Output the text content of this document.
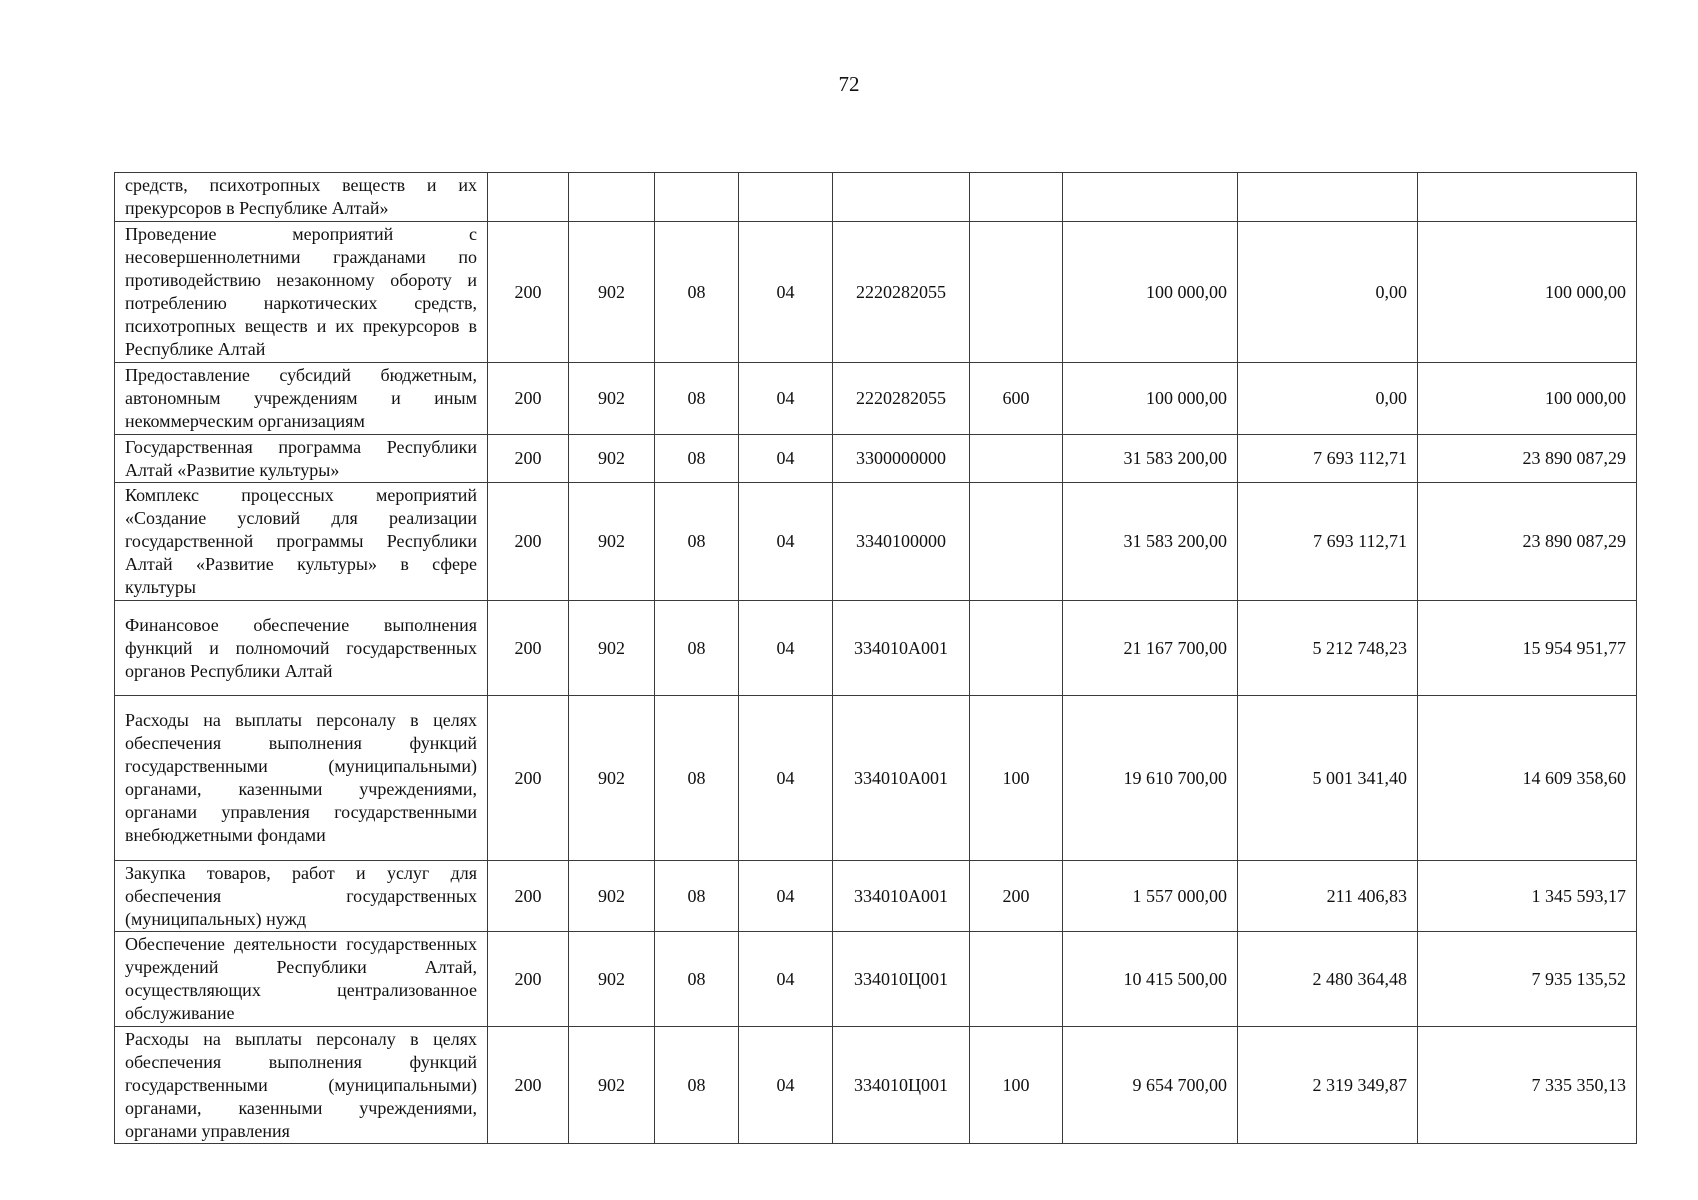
72
средств, психотропных веществ и их прекурсоров в Республике Алтай»									
Проведение мероприятий с несовершеннолетними гражданами по противодействию незаконному обороту и потреблению наркотических средств, психотропных веществ и их прекурсоров в Республике Алтай	200	902	08	04	2220282055		100 000,00	0,00	100 000,00
Предоставление субсидий бюджетным, автономным учреждениям и иным некоммерческим организациям	200	902	08	04	2220282055	600	100 000,00	0,00	100 000,00
Государственная программа Республики Алтай «Развитие культуры»	200	902	08	04	3300000000		31 583 200,00	7 693 112,71	23 890 087,29
Комплекс процессных мероприятий «Создание условий для реализации государственной программы Республики Алтай «Развитие культуры» в сфере культуры	200	902	08	04	3340100000		31 583 200,00	7 693 112,71	23 890 087,29
Финансовое обеспечение выполнения функций и полномочий государственных органов Республики Алтай	200	902	08	04	334010А001		21 167 700,00	5 212 748,23	15 954 951,77
Расходы на выплаты персоналу в целях обеспечения выполнения функций государственными (муниципальными) органами, казенными учреждениями, органами управления государственными внебюджетными фондами	200	902	08	04	334010А001	100	19 610 700,00	5 001 341,40	14 609 358,60
Закупка товаров, работ и услуг для обеспечения государственных (муниципальных) нужд	200	902	08	04	334010А001	200	1 557 000,00	211 406,83	1 345 593,17
Обеспечение деятельности государственных учреждений Республики Алтай, осуществляющих централизованное обслуживание	200	902	08	04	334010Ц001		10 415 500,00	2 480 364,48	7 935 135,52
Расходы на выплаты персоналу в целях обеспечения выполнения функций государственными (муниципальными) органами, казенными учреждениями, органами управления	200	902	08	04	334010Ц001	100	9 654 700,00	2 319 349,87	7 335 350,13
